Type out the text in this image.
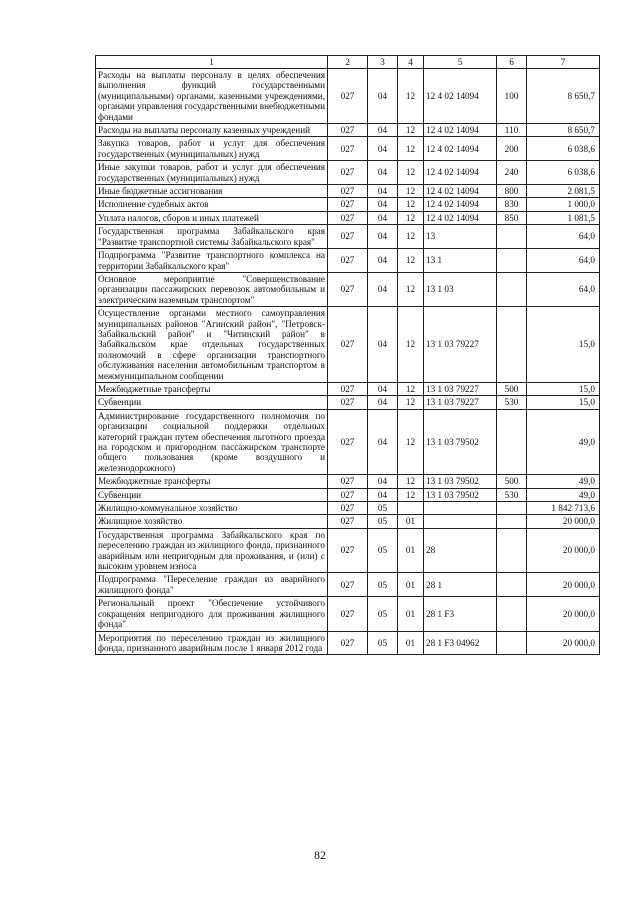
1	2	3	4	5	6	7
Расходы на выплаты персоналу в целях обеспечения выполнения функций государственными (муниципальными) органами, казенными учреждениями, органами управления государственными внебюджетными фондами	027	04	12	12 4 02 14094	100	8 650,7
Расходы на выплаты персоналу казенных учреждений	027	04	12	12 4 02 14094	110	8 650,7
Закупка товаров, работ и услуг для обеспечения государственных (муниципальных) нужд	027	04	12	12 4 02 14094	200	6 038,6
Иные закупки товаров, работ и услуг для обеспечения государственных (муниципальных) нужд	027	04	12	12 4 02 14094	240	6 038,6
Иные бюджетные ассигнования	027	04	12	12 4 02 14094	800	2 081,5
Исполнение судебных актов	027	04	12	12 4 02 14094	830	1 000,0
Уплата налогов, сборов и иных платежей	027	04	12	12 4 02 14094	850	1 081,5
Государственная программа Забайкальского края "Развитие транспортной системы Забайкальского края"	027	04	12	13		64,0
Подпрограмма "Развитие транспортного комплекса на территории Забайкальского края"	027	04	12	13 1		64,0
Основное мероприятие "Совершенствование организации пассажирских перевозок автомобильным и электрическим наземным транспортом"	027	04	12	13 1 03		64,0
Осуществление органами местного самоуправления муниципальных районов "Агинский район", "Петровск-Забайкальский район" и "Читинский район" в Забайкальском крае отдельных государственных полномочий в сфере организации транспортного обслуживания населения автомобильным транспортом в межмуниципальном сообщении	027	04	12	13 1 03 79227		15,0
Межбюджетные трансферты	027	04	12	13 1 03 79227	500	15,0
Субвенции	027	04	12	13 1 03 79227	530	15,0
Администрирование государственного полномочия по организации социальной поддержки отдельных категорий граждан путем обеспечения льготного проезда на городском и пригородном пассажирском транспорте общего пользования (кроме воздушного и железнодорожного)	027	04	12	13 1 03 79502		49,0
Межбюджетные трансферты	027	04	12	13 1 03 79502	500	49,0
Субвенции	027	04	12	13 1 03 79502	530	49,0
Жилищно-коммунальное хозяйство	027	05				1 842 713,6
Жилищное хозяйство	027	05	01			20 000,0
Государственная программа Забайкальского края по переселению граждан из жилищного фонда, признанного аварийным или непригодным для проживания, и (или) с высоким уровнем износа	027	05	01	28		20 000,0
Подпрограмма "Переселение граждан из аварийного жилищного фонда"	027	05	01	28 1		20 000,0
Региональный проект "Обеспечение устойчивого сокращения непригодного для проживания жилищного фонда"	027	05	01	28 1 F3		20 000,0
Мероприятия по переселению граждан из жилищного фонда, признанного аварийным после 1 января 2012 года	027	05	01	28 1 F3 04962		20 000,0
82
